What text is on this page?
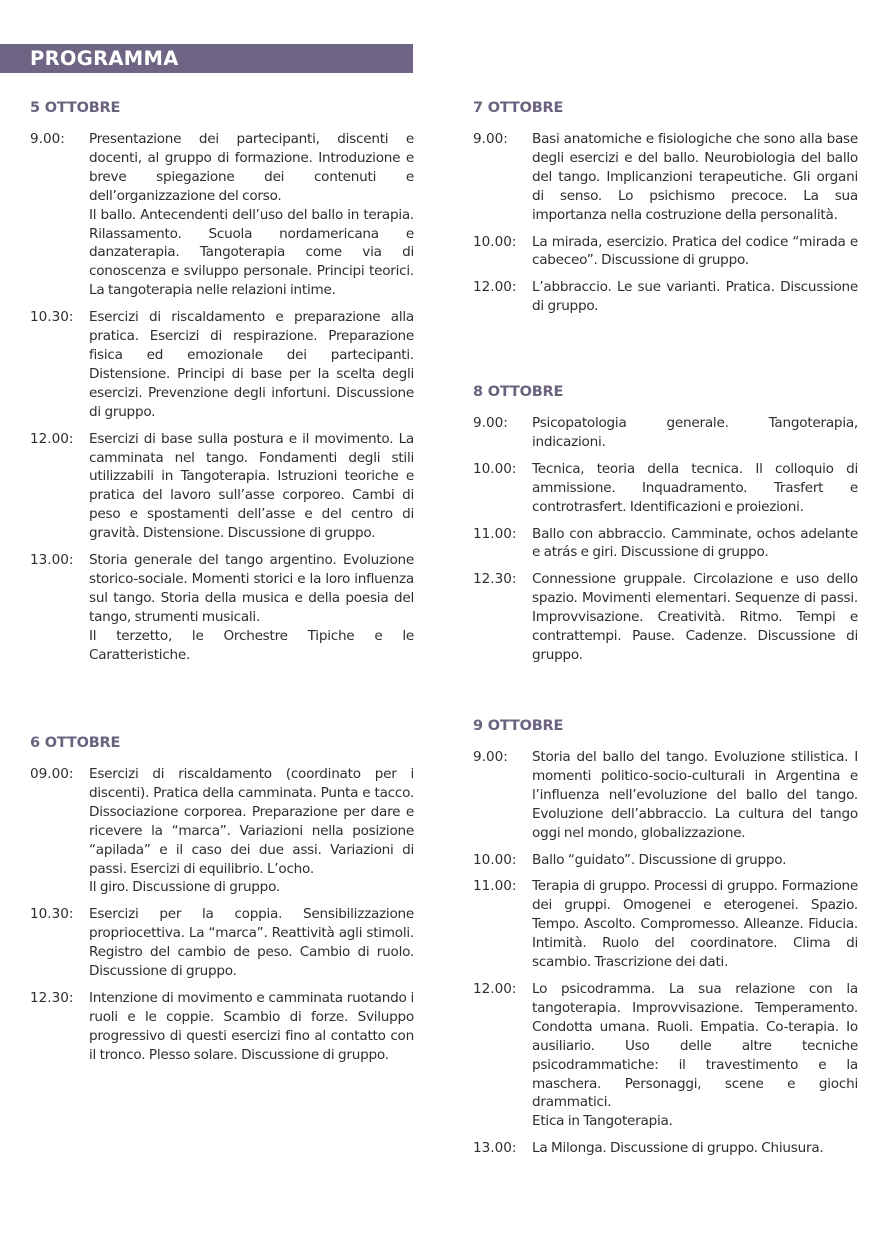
PROGRAMMA
5 OTTOBRE
9.00:	Presentazione dei partecipanti, discenti e docenti, al gruppo di formazione. Introduzione e breve spiegazione dei contenuti e dell’organizzazione del corso.
Il ballo. Antecendenti dell’uso del ballo in terapia. Rilassamento. Scuola nordamericana e danzaterapia. Tangoterapia come via di conoscenza e sviluppo personale. Principi teorici. La tangoterapia nelle relazioni intime.
10.30:	Esercizi di riscaldamento e preparazione alla pratica. Esercizi di respirazione. Preparazione fisica ed emozionale dei partecipanti. Distensione. Principi di base per la scelta degli esercizi. Prevenzione degli infortuni. Discussione di gruppo.
12.00:	Esercizi di base sulla postura e il movimento. La camminata nel tango. Fondamenti degli stili utilizzabili in Tangoterapia. Istruzioni teoriche e pratica del lavoro sull’asse corporeo. Cambi di peso e spostamenti dell’asse e del centro di gravità. Distensione. Discussione di gruppo.
13.00:	Storia generale del tango argentino. Evoluzione storico-sociale. Momenti storici e la loro influenza sul tango. Storia della musica e della poesia del tango, strumenti musicali.
Il terzetto, le Orchestre Tipiche e le Caratteristiche.
6 OTTOBRE
09.00:	Esercizi di riscaldamento (coordinato per i discenti). Pratica della camminata. Punta e tacco. Dissociazione corporea. Preparazione per dare e ricevere la “marca”. Variazioni nella posizione “apilada” e il caso dei due assi. Variazioni di passi. Esercizi di equilibrio. L’ocho.
Il giro. Discussione di gruppo.
10.30:	Esercizi per la coppia. Sensibilizzazione propriocettiva. La “marca”. Reattività agli stimoli. Registro del cambio de peso. Cambio di ruolo. Discussione di gruppo.
12.30:	Intenzione di movimento e camminata ruotando i ruoli e le coppie. Scambio di forze. Sviluppo progressivo di questi esercizi fino al contatto con il tronco. Plesso solare. Discussione di gruppo.
7 OTTOBRE
9.00:	Basi anatomiche e fisiologiche che sono alla base degli esercizi e del ballo. Neurobiologia del ballo del tango. Implicanzioni terapeutiche. Gli organi di senso. Lo psichismo precoce. La sua importanza nella costruzione della personalità.
10.00:	La mirada, esercizio. Pratica del codice “mirada e cabeceo”. Discussione di gruppo.
12.00:	L’abbraccio. Le sue varianti. Pratica. Discussione di gruppo.
8 OTTOBRE
9.00:	Psicopatologia generale. Tangoterapia, indicazioni.
10.00:	Tecnica, teoria della tecnica. Il colloquio di ammissione. Inquadramento. Trasfert e controtrasfert. Identificazioni e proiezioni.
11.00:	Ballo con abbraccio. Camminate, ochos adelante e atrás e giri. Discussione di gruppo.
12.30:	Connessione gruppale. Circolazione e uso dello spazio. Movimenti elementari. Sequenze di passi. Improvvisazione. Creatività. Ritmo. Tempi e contrattempi. Pause. Cadenze. Discussione di gruppo.
9 OTTOBRE
9.00:	Storia del ballo del tango. Evoluzione stilistica. I momenti politico-socio-culturali in Argentina e l’influenza nell’evoluzione del ballo del tango. Evoluzione dell’abbraccio. La cultura del tango oggi nel mondo, globalizzazione.
10.00:	Ballo “guidato”. Discussione di gruppo.
11.00:	Terapia di gruppo. Processi di gruppo. Formazione dei gruppi. Omogenei e eterogenei. Spazio. Tempo. Ascolto. Compromesso. Alleanze. Fiducia. Intimità. Ruolo del coordinatore. Clima di scambio. Trascrizione dei dati.
12.00:	Lo psicodramma. La sua relazione con la tangoterapia. Improvvisazione. Temperamento. Condotta umana. Ruoli. Empatia. Co-terapia. Io ausiliario. Uso delle altre tecniche psicodrammatiche: il travestimento e la maschera. Personaggi, scene e giochi drammatici.
Etica in Tangoterapia.
13.00:	La Milonga. Discussione di gruppo. Chiusura.
